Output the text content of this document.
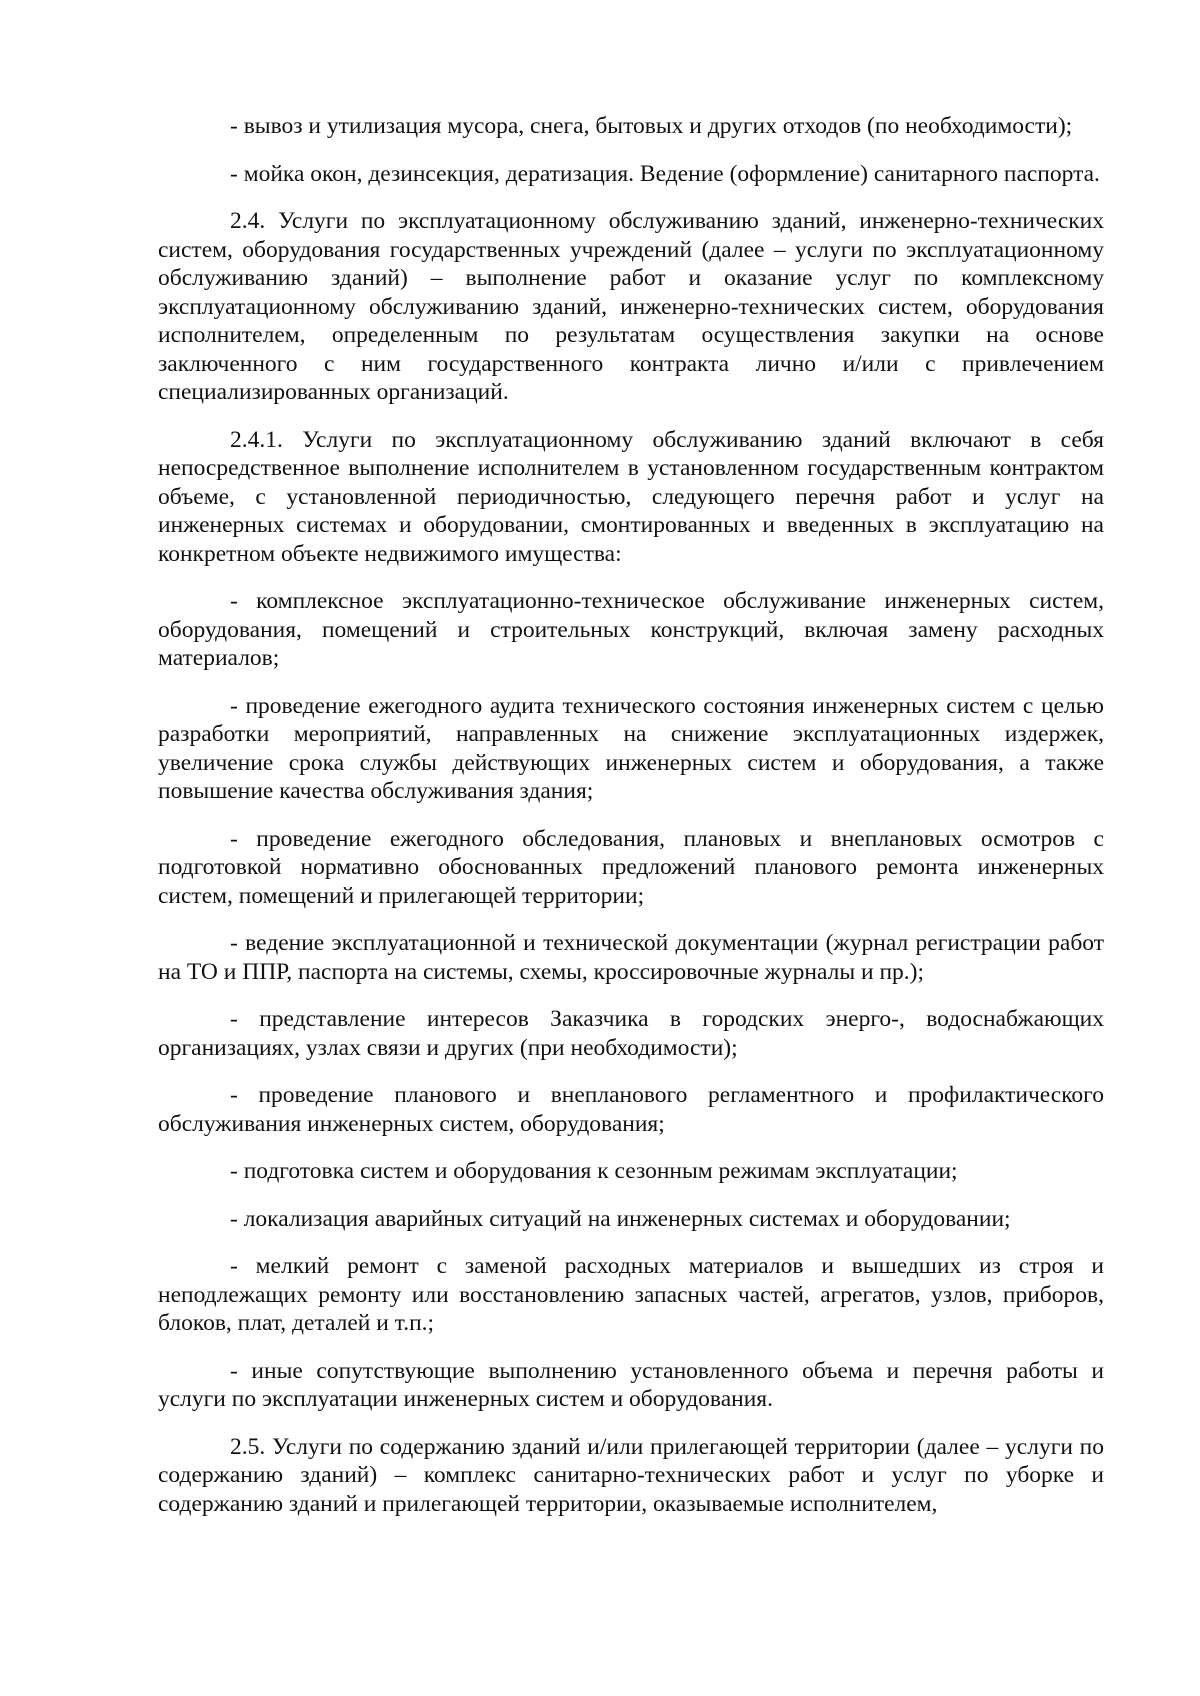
- вывоз и утилизация мусора, снега, бытовых и других отходов (по необходимости);

- мойка окон, дезинсекция, дератизация. Ведение (оформление) санитарного паспорта.

2.4. Услуги по эксплуатационному обслуживанию зданий, инженерно-технических систем, оборудования государственных учреждений (далее – услуги по эксплуатационному обслуживанию зданий) – выполнение работ и оказание услуг по комплексному эксплуатационному обслуживанию зданий, инженерно-технических систем, оборудования исполнителем, определенным по результатам осуществления закупки на основе заключенного с ним государственного контракта лично и/или с привлечением специализированных организаций.

2.4.1. Услуги по эксплуатационному обслуживанию зданий включают в себя непосредственное выполнение исполнителем в установленном государственным контрактом объеме, с установленной периодичностью, следующего перечня работ и услуг на инженерных системах и оборудовании, смонтированных и введенных в эксплуатацию на конкретном объекте недвижимого имущества:

- комплексное эксплуатационно-техническое обслуживание инженерных систем, оборудования, помещений и строительных конструкций, включая замену расходных материалов;

- проведение ежегодного аудита технического состояния инженерных систем с целью разработки мероприятий, направленных на снижение эксплуатационных издержек, увеличение срока службы действующих инженерных систем и оборудования, а также повышение качества обслуживания здания;

- проведение ежегодного обследования, плановых и внеплановых осмотров с подготовкой нормативно обоснованных предложений планового ремонта инженерных систем, помещений и прилегающей территории;

- ведение эксплуатационной и технической документации (журнал регистрации работ на ТО и ППР, паспорта на системы, схемы, кроссировочные журналы и пр.);

- представление интересов Заказчика в городских энерго-, водоснабжающих организациях, узлах связи и других (при необходимости);

- проведение планового и внепланового регламентного и профилактического обслуживания инженерных систем, оборудования;

- подготовка систем и оборудования к сезонным режимам эксплуатации;

- локализация аварийных ситуаций на инженерных системах и оборудовании;

- мелкий ремонт с заменой расходных материалов и вышедших из строя и неподлежащих ремонту или восстановлению запасных частей, агрегатов, узлов, приборов, блоков, плат, деталей и т.п.;

- иные сопутствующие выполнению установленного объема и перечня работы и услуги по эксплуатации инженерных систем и оборудования.

2.5. Услуги по содержанию зданий и/или прилегающей территории (далее – услуги по содержанию зданий) – комплекс санитарно-технических работ и услуг по уборке и содержанию зданий и прилегающей территории, оказываемые исполнителем,
